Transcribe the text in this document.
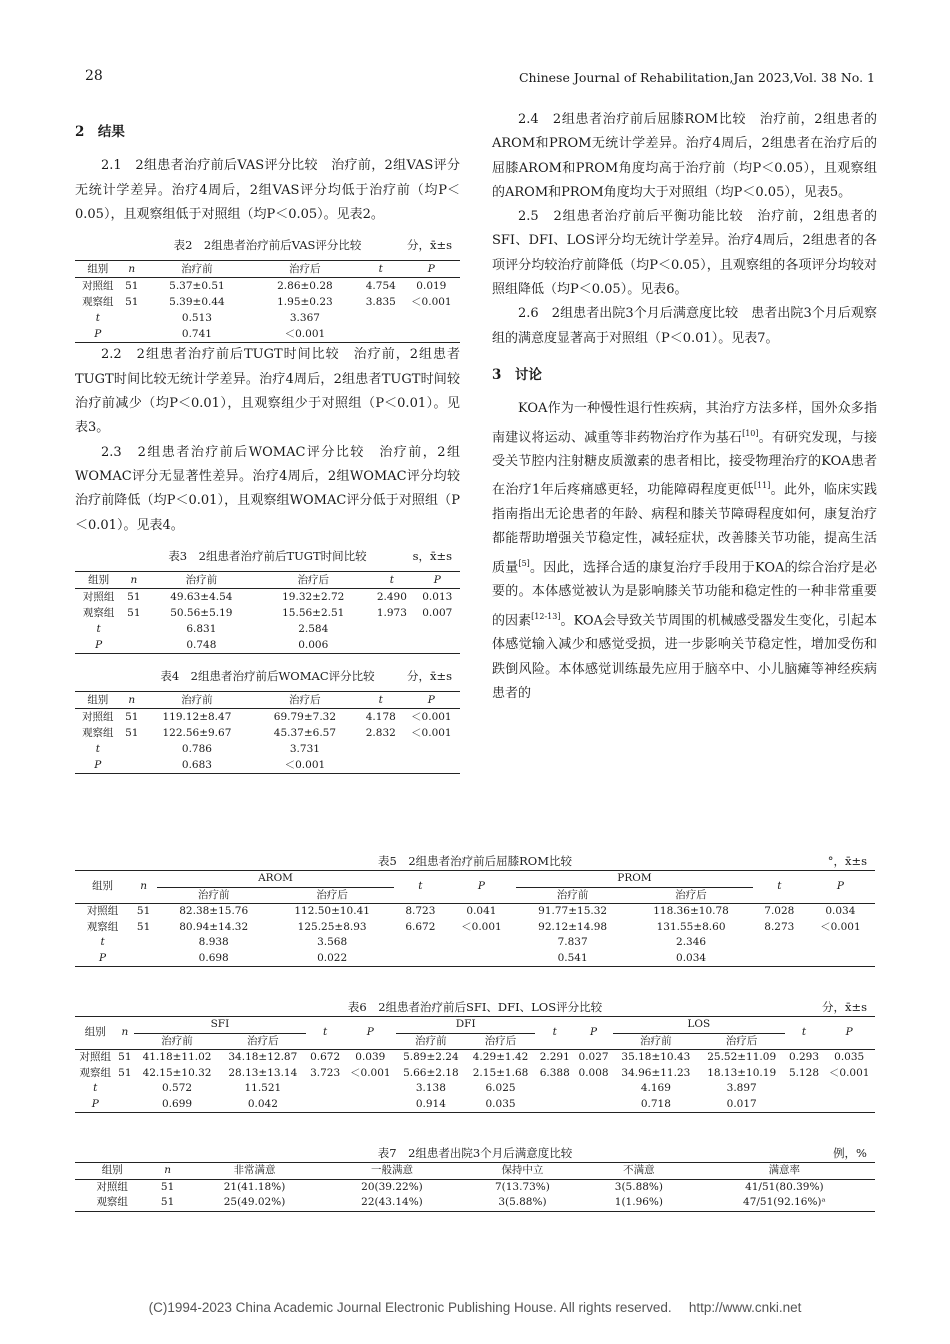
28	Chinese Journal of Rehabilitation,Jan 2023,Vol. 38 No. 1

2　结果

2.1　2组患者治疗前后VAS评分比较　治疗前，2组VAS评分无统计学差异。治疗4周后，2组VAS评分均低于治疗前（均P＜0.05），且观察组低于对照组（均P＜0.05）。见表2。

表2　2组患者治疗前后VAS评分比较	分，x̄±s

组别	n	治疗前	治疗后	t	P
对照组	51	5.37±0.51	2.86±0.28	4.754	0.019
观察组	51	5.39±0.44	1.95±0.23	3.835	＜0.001
t		0.513	3.367		
P		0.741	＜0.001		

2.2　2组患者治疗前后TUGT时间比较　治疗前，2组患者TUGT时间比较无统计学差异。治疗4周后，2组患者TUGT时间较治疗前减少（均P＜0.01），且观察组少于对照组（P＜0.01）。见表3。

2.3　2组患者治疗前后WOMAC评分比较　治疗前，2组WOMAC评分无显著性差异。治疗4周后，2组WOMAC评分均较治疗前降低（均P＜0.01），且观察组WOMAC评分低于对照组（P＜0.01）。见表4。

表3　2组患者治疗前后TUGT时间比较	s，x̄±s

组别	n	治疗前	治疗后	t	P
对照组	51	49.63±4.54	19.32±2.72	2.490	0.013
观察组	51	50.56±5.19	15.56±2.51	1.973	0.007
t		6.831	2.584		
P		0.748	0.006		

表4　2组患者治疗前后WOMAC评分比较	分，x̄±s

组别	n	治疗前	治疗后	t	P
对照组	51	119.12±8.47	69.79±7.32	4.178	＜0.001
观察组	51	122.56±9.67	45.37±6.57	2.832	＜0.001
t		0.786	3.731		
P		0.683	＜0.001		

2.4　2组患者治疗前后屈膝ROM比较　治疗前，2组患者的AROM和PROM无统计学差异。治疗4周后，2组患者在治疗后的屈膝AROM和PROM角度均高于治疗前（均P＜0.05），且观察组的AROM和PROM角度均大于对照组（均P＜0.05），见表5。

2.5　2组患者治疗前后平衡功能比较　治疗前，2组患者的SFI、DFI、LOS评分均无统计学差异。治疗4周后，2组患者的各项评分均较治疗前降低（均P＜0.05），且观察组的各项评分均较对照组降低（均P＜0.05）。见表6。

2.6　2组患者出院3个月后满意度比较　患者出院3个月后观察组的满意度显著高于对照组（P＜0.01）。见表7。

3　讨论

KOA作为一种慢性退行性疾病，其治疗方法多样，国外众多指南建议将运动、减重等非药物治疗作为基石[10]。有研究发现，与接受关节腔内注射糖皮质激素的患者相比，接受物理治疗的KOA患者在治疗1年后疼痛感更轻，功能障碍程度更低[11]。此外，临床实践指南指出无论患者的年龄、病程和膝关节障碍程度如何，康复治疗都能帮助增强关节稳定性，减轻症状，改善膝关节功能，提高生活质量[5]。因此，选择合适的康复治疗手段用于KOA的综合治疗是必要的。本体感觉被认为是影响膝关节功能和稳定性的一种非常重要的因素[12-13]。KOA会导致关节周围的机械感受器发生变化，引起本体感觉输入减少和感觉受损，进一步影响关节稳定性，增加受伤和跌倒风险。本体感觉训练最先应用于脑卒中、小儿脑瘫等神经疾病患者的

表5　2组患者治疗前后屈膝ROM比较	°，x̄±s
组别	n	AROM		t	P	PROM		t	P
		治疗前	治疗后			治疗前	治疗后		
对照组	51	82.38±15.76	112.50±10.41	8.723	0.041	91.77±15.32	118.36±10.78	7.028	0.034
观察组	51	80.94±14.32	125.25±8.93	6.672	＜0.001	92.12±14.98	131.55±8.60	8.273	＜0.001
t		8.938	3.568			7.837	2.346		
P		0.698	0.022			0.541	0.034		
表6　2组患者治疗前后SFI、DFI、LOS评分比较	分，x̄±s
组别	n	SFI		t	P	DFI		t	P	LOS		t	P
		治疗前	治疗后			治疗前	治疗后			治疗前	治疗后		
对照组	51	41.18±11.02	34.18±12.87	0.672	0.039	5.89±2.24	4.29±1.42	2.291	0.027	35.18±10.43	25.52±11.09	0.293	0.035
观察组	51	42.15±10.32	28.13±13.14	3.723	＜0.001	5.66±2.18	2.15±1.68	6.388	0.008	34.96±11.23	18.13±10.19	5.128	＜0.001
t		0.572	11.521			3.138	6.025			4.169	3.897		
P		0.699	0.042			0.914	0.035			0.718	0.017		
表7　2组患者出院3个月后满意度比较	例，%
组别	n	非常满意	一般满意	保持中立	不满意	满意率
对照组	51	21(41.18%)	20(39.22%)	7(13.73%)	3(5.88%)	41/51(80.39%)
观察组	51	25(49.02%)	22(43.14%)	3(5.88%)	1(1.96%)	47/51(92.16%)ᵃ
(C)1994-2023 China Academic Journal Electronic Publishing House. All rights reserved.　 http://www.cnki.net
